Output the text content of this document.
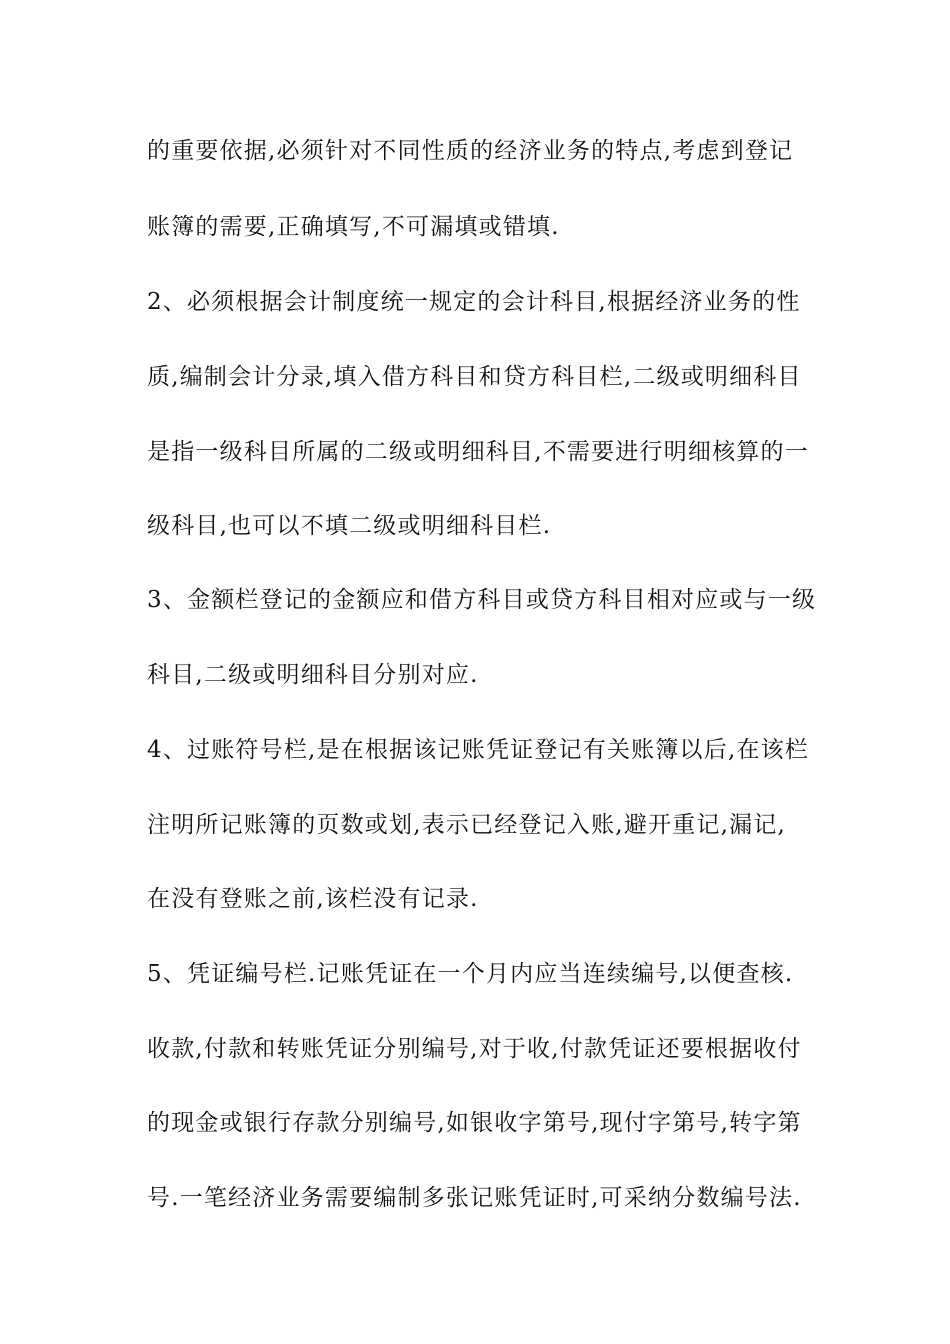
的重要依据,必须针对不同性质的经济业务的特点,考虑到登记
账簿的需要,正确填写,不可漏填或错填.
2、必须根据会计制度统一规定的会计科目,根据经济业务的性
质,编制会计分录,填入借方科目和贷方科目栏,二级或明细科目
是指一级科目所属的二级或明细科目,不需要进行明细核算的一
级科目,也可以不填二级或明细科目栏.
3、金额栏登记的金额应和借方科目或贷方科目相对应或与一级
科目,二级或明细科目分别对应.
4、过账符号栏,是在根据该记账凭证登记有关账簿以后,在该栏
注明所记账簿的页数或划,表示已经登记入账,避开重记,漏记,
在没有登账之前,该栏没有记录.
5、凭证编号栏.记账凭证在一个月内应当连续编号,以便查核.
收款,付款和转账凭证分别编号,对于收,付款凭证还要根据收付
的现金或银行存款分别编号,如银收字第号,现付字第号,转字第
号.一笔经济业务需要编制多张记账凭证时,可采纳分数编号法.
